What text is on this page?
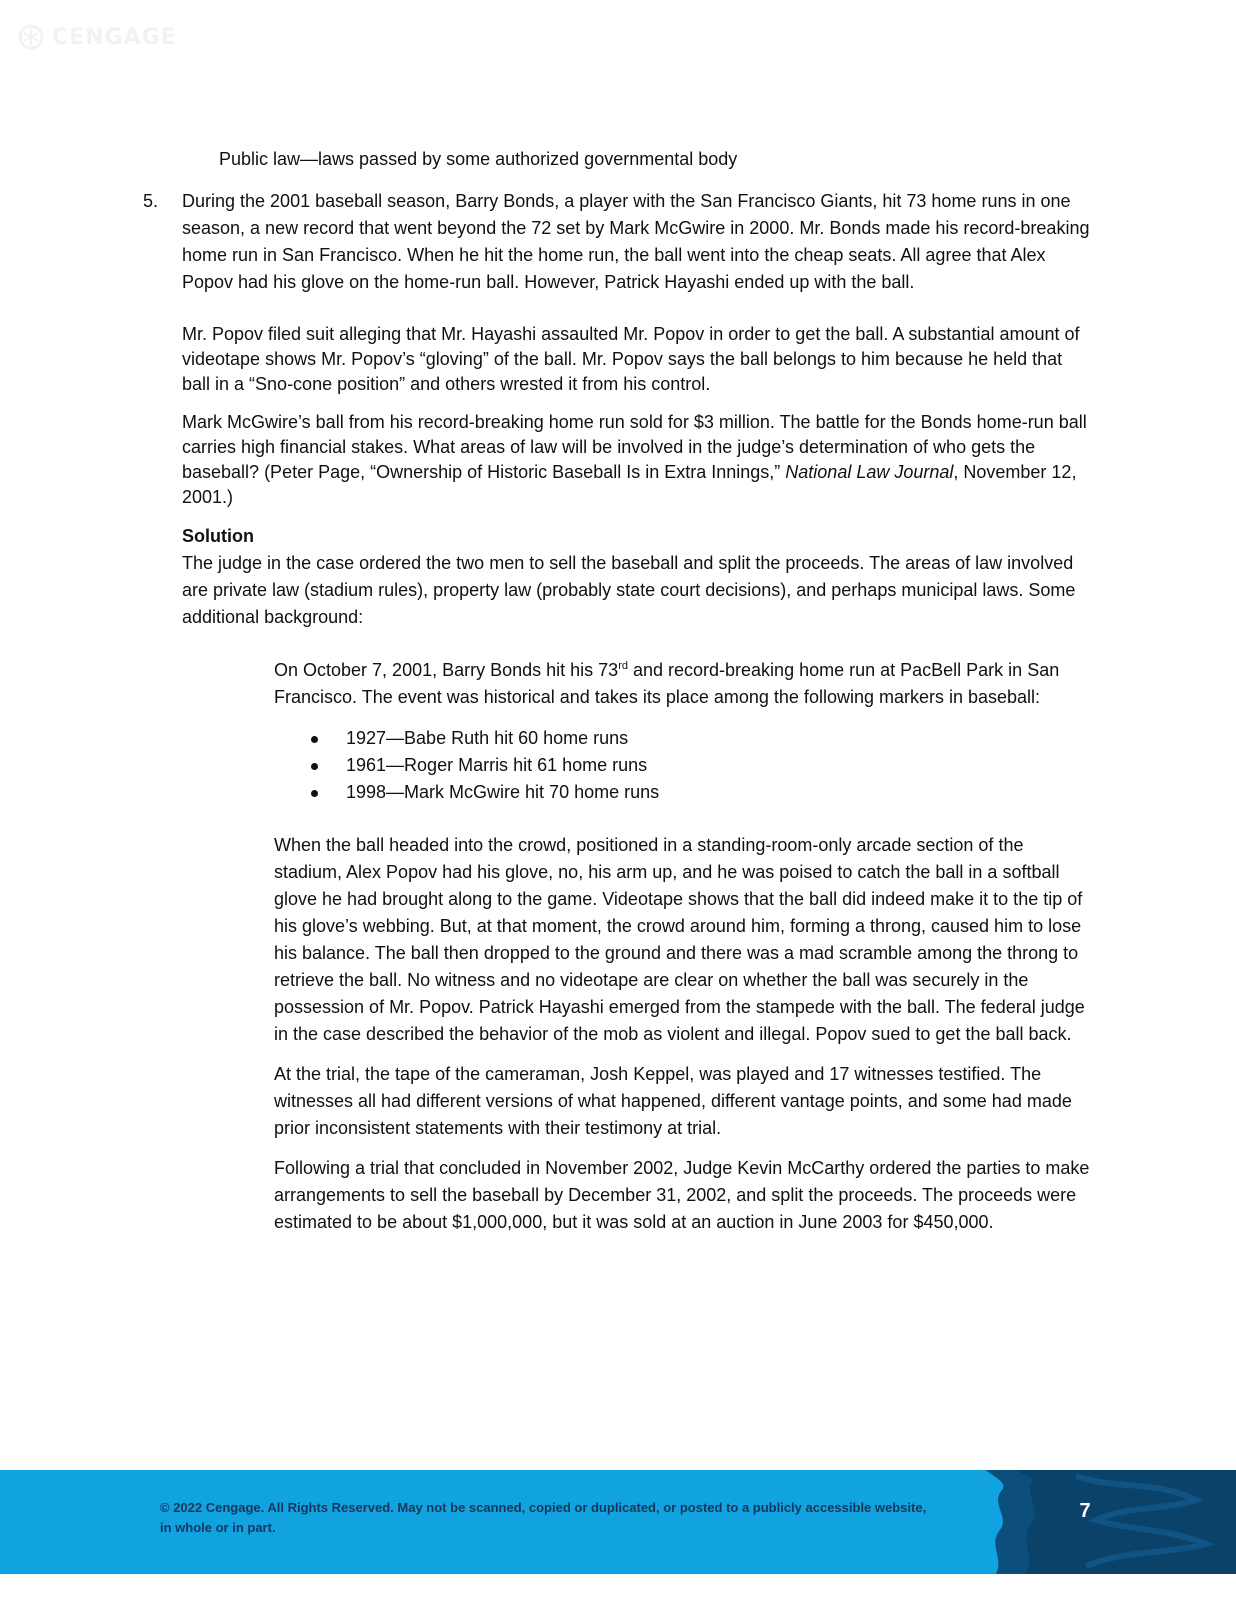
CENGAGE

Public law—laws passed by some authorized governmental body

5. During the 2001 baseball season, Barry Bonds, a player with the San Francisco Giants, hit 73 home runs in one season, a new record that went beyond the 72 set by Mark McGwire in 2000. Mr. Bonds made his record-breaking home run in San Francisco. When he hit the home run, the ball went into the cheap seats. All agree that Alex Popov had his glove on the home-run ball. However, Patrick Hayashi ended up with the ball.

Mr. Popov filed suit alleging that Mr. Hayashi assaulted Mr. Popov in order to get the ball. A substantial amount of videotape shows Mr. Popov’s “gloving” of the ball. Mr. Popov says the ball belongs to him because he held that ball in a “Sno-cone position” and others wrested it from his control.

Mark McGwire’s ball from his record-breaking home run sold for $3 million. The battle for the Bonds home-run ball carries high financial stakes. What areas of law will be involved in the judge’s determination of who gets the baseball? (Peter Page, “Ownership of Historic Baseball Is in Extra Innings,” National Law Journal, November 12, 2001.)

Solution

The judge in the case ordered the two men to sell the baseball and split the proceeds. The areas of law involved are private law (stadium rules), property law (probably state court decisions), and perhaps municipal laws. Some additional background:

On October 7, 2001, Barry Bonds hit his 73rd and record-breaking home run at PacBell Park in San Francisco. The event was historical and takes its place among the following markers in baseball:

1927—Babe Ruth hit 60 home runs
1961—Roger Marris hit 61 home runs
1998—Mark McGwire hit 70 home runs

When the ball headed into the crowd, positioned in a standing-room-only arcade section of the stadium, Alex Popov had his glove, no, his arm up, and he was poised to catch the ball in a softball glove he had brought along to the game. Videotape shows that the ball did indeed make it to the tip of his glove’s webbing. But, at that moment, the crowd around him, forming a throng, caused him to lose his balance. The ball then dropped to the ground and there was a mad scramble among the throng to retrieve the ball. No witness and no videotape are clear on whether the ball was securely in the possession of Mr. Popov. Patrick Hayashi emerged from the stampede with the ball. The federal judge in the case described the behavior of the mob as violent and illegal. Popov sued to get the ball back.

At the trial, the tape of the cameraman, Josh Keppel, was played and 17 witnesses testified. The witnesses all had different versions of what happened, different vantage points, and some had made prior inconsistent statements with their testimony at trial.

Following a trial that concluded in November 2002, Judge Kevin McCarthy ordered the parties to make arrangements to sell the baseball by December 31, 2002, and split the proceeds. The proceeds were estimated to be about $1,000,000, but it was sold at an auction in June 2003 for $450,000.

© 2022 Cengage. All Rights Reserved. May not be scanned, copied or duplicated, or posted to a publicly accessible website, in whole or in part.

7
